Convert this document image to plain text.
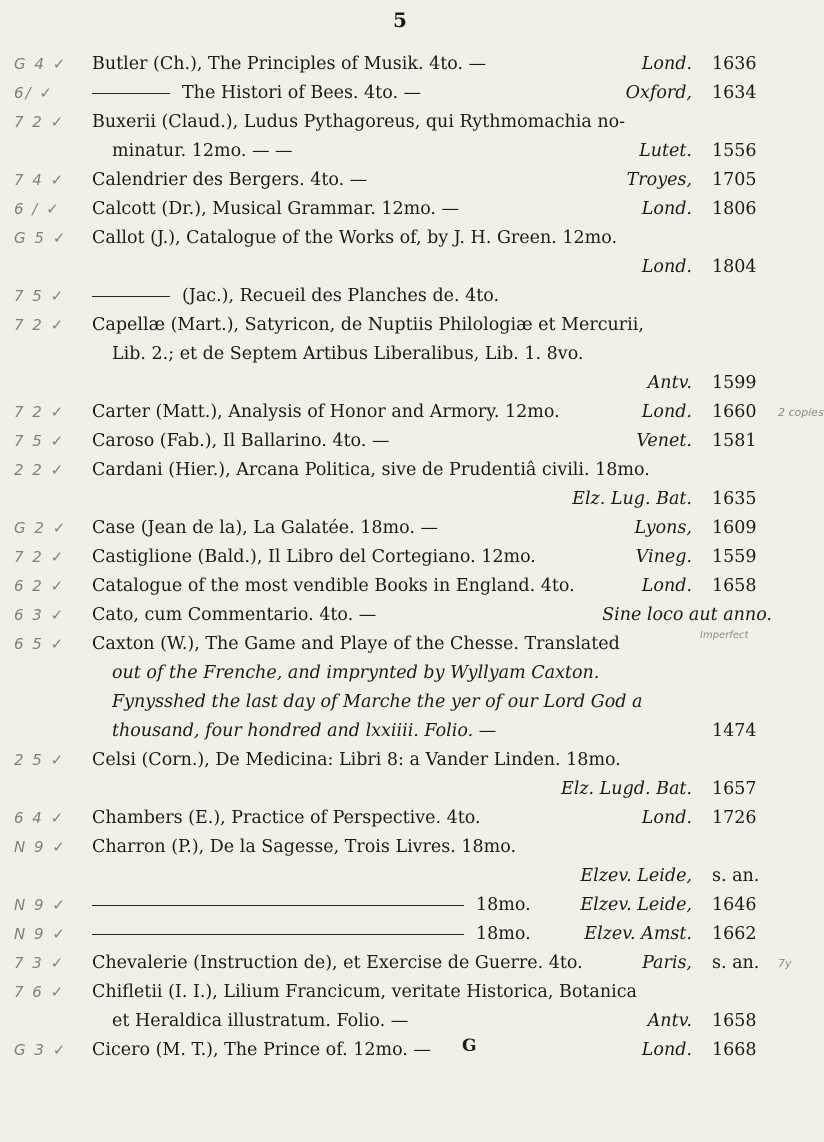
5
G 4 ✓ Butler (Ch.), The Principles of Musik. 4to. —	Lond. 1636
6/ ✓	The Histori of Bees. 4to. —	Oxford, 1634
7 2 ✓ Buxerii (Claud.), Ludus Pythagoreus, qui Rythmomachia no-
minatur. 12mo. — —	Lutet. 1556
7 4 ✓ Calendrier des Bergers. 4to. —	Troyes, 1705
6 / ✓ Calcott (Dr.), Musical Grammar. 12mo. —	Lond. 1806
G 5 ✓ Callot (J.), Catalogue of the Works of, by J. H. Green. 12mo.
Lond. 1804
7 5 ✓	(Jac.), Recueil des Planches de. 4to.
7 2 ✓ Capellæ (Mart.), Satyricon, de Nuptiis Philologiæ et Mercurii,
Lib. 2.; et de Septem Artibus Liberalibus, Lib. 1. 8vo.
Antv. 1599
7 2 ✓ Carter (Matt.), Analysis of Honor and Armory. 12mo.	Lond. 1660	2 copies
7 5 ✓ Caroso (Fab.), Il Ballarino. 4to. —	Venet. 1581
2 2 ✓ Cardani (Hier.), Arcana Politica, sive de Prudentiâ civili. 18mo.
Elz. Lug. Bat. 1635
G 2 ✓ Case (Jean de la), La Galatée. 18mo. —	Lyons, 1609
7 2 ✓ Castiglione (Bald.), Il Libro del Cortegiano. 12mo.	Vineg. 1559
6 2 ✓ Catalogue of the most vendible Books in England. 4to.	Lond. 1658
6 3 ✓ Cato, cum Commentario. 4to. —	Sine loco aut anno.
6 5 ✓ Caxton (W.), The Game and Playe of the Chesse. Translated	Imperfect
out of the Frenche, and imprynted by Wyllyam Caxton.
Fynysshed the last day of Marche the yer of our Lord God a
thousand, four hondred and lxxiiii. Folio. —	1474
2 5 ✓ Celsi (Corn.), De Medicina: Libri 8: a Vander Linden. 18mo.
Elz. Lugd. Bat. 1657
6 4 ✓ Chambers (E.), Practice of Perspective. 4to.	Lond. 1726
N 9 ✓ Charron (P.), De la Sagesse, Trois Livres. 18mo.
Elzev. Leide, s. an.
N 9 ✓	18mo.	Elzev. Leide, 1646
N 9 ✓	18mo.	Elzev. Amst. 1662
7 3 ✓ Chevalerie (Instruction de), et Exercise de Guerre. 4to.	Paris, s. an.	7y
7 6 ✓ Chifletii (I. I.), Lilium Francicum, veritate Historica, Botanica
et Heraldica illustratum. Folio. —	Antv. 1658
G 3 ✓ Cicero (M. T.), The Prince of. 12mo. —	Lond. 1668
G
